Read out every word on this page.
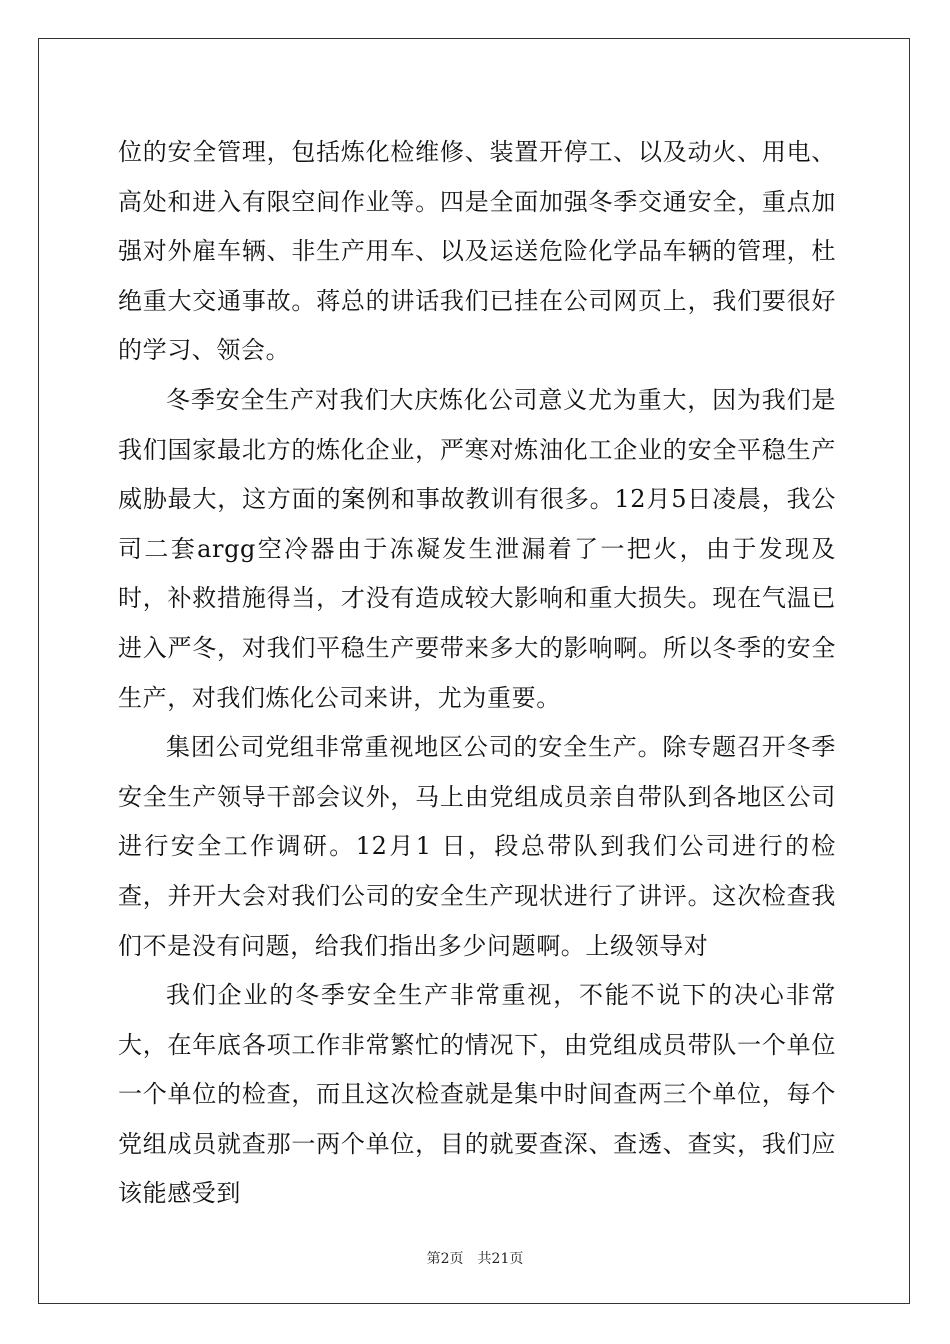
位的安全管理，包括炼化检维修、装置开停工、以及动火、用电、高处和进入有限空间作业等。四是全面加强冬季交通安全，重点加强对外雇车辆、非生产用车、以及运送危险化学品车辆的管理，杜绝重大交通事故。蒋总的讲话我们已挂在公司网页上，我们要很好的学习、领会。

冬季安全生产对我们大庆炼化公司意义尤为重大，因为我们是我们国家最北方的炼化企业，严寒对炼油化工企业的安全平稳生产威胁最大，这方面的案例和事故教训有很多。12月5日凌晨，我公司二套argg空冷器由于冻凝发生泄漏着了一把火，由于发现及时，补救措施得当，才没有造成较大影响和重大损失。现在气温已进入严冬，对我们平稳生产要带来多大的影响啊。所以冬季的安全生产，对我们炼化公司来讲，尤为重要。

集团公司党组非常重视地区公司的安全生产。除专题召开冬季安全生产领导干部会议外，马上由党组成员亲自带队到各地区公司进行安全工作调研。12月1 日，段总带队到我们公司进行的检查，并开大会对我们公司的安全生产现状进行了讲评。这次检查我们不是没有问题，给我们指出多少问题啊。上级领导对

我们企业的冬季安全生产非常重视，不能不说下的决心非常大，在年底各项工作非常繁忙的情况下，由党组成员带队一个单位一个单位的检查，而且这次检查就是集中时间查两三个单位，每个党组成员就查那一两个单位，目的就要查深、查透、查实，我们应该能感受到

第2页 共21页
